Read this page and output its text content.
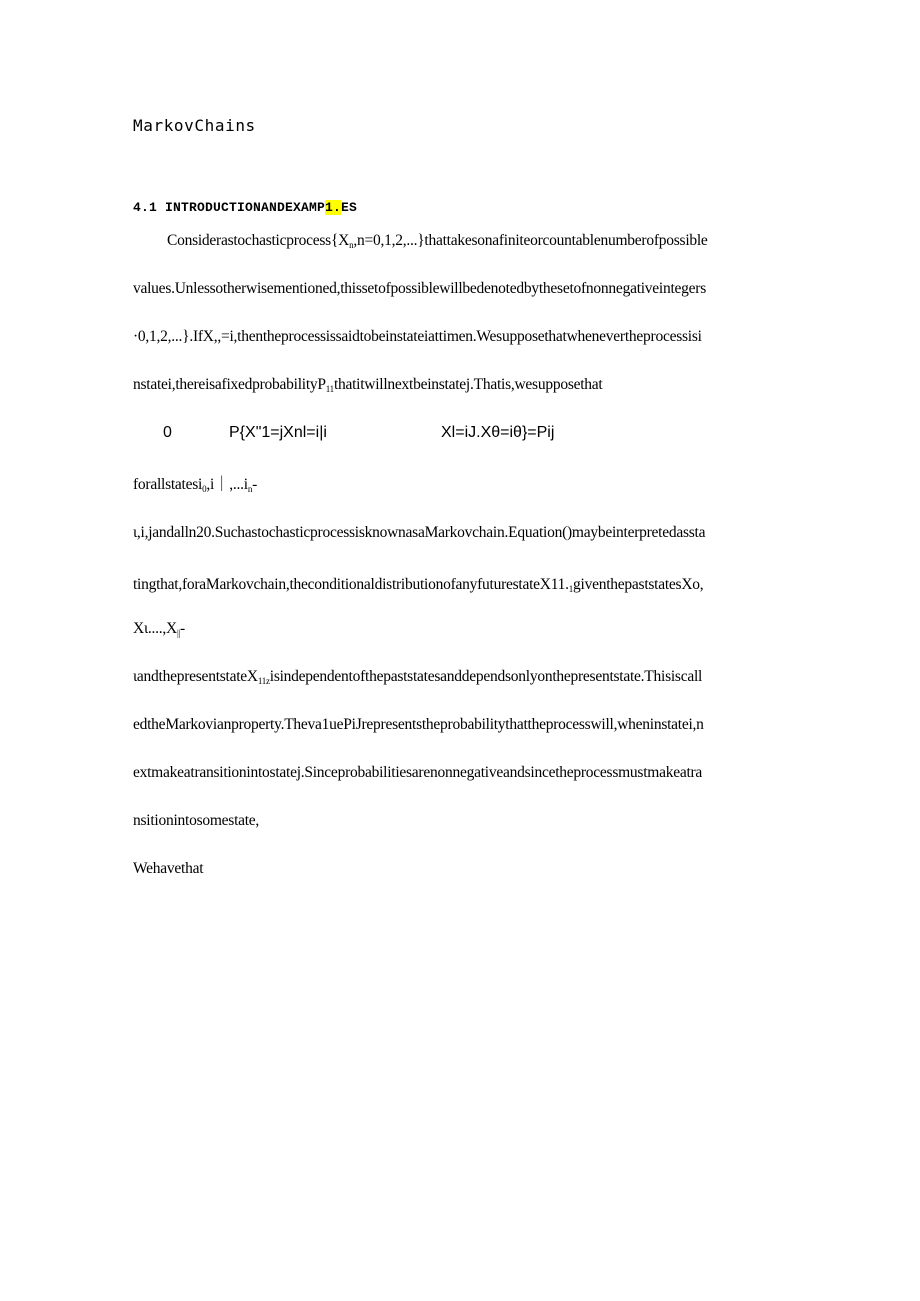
MarkovChains
4.1 INTRODUCTIONANDEXAMP1.ES
$Considerastochasticprocess\{X_n,n=0,1,2,...\}thattakesonafiniteorcountablenumberofpossible$
values.Unlessotherwisementioned,thissetofpossiblewillbedenotedbythesetofnonnegativeintegers
·0,1,2,...}.IfX,,=i,thentheprocessissaidtobeinstateiattimen.Wesupposethatwhenevertheprocessisi
nstatei,thereisafixedprobabilityP$_{11}$thatitwillnextbeinstatej.Thatis,wesupposethat
0	P{X"1=jXnl=i|i	Xl=iJ.Xθ=iθ}=Pij
$forallstatesi_0,i|,...i_n-$
ι,i,jandalln20.SuchastochasticprocessisknownasaMarkovchain.Equation()maybeinterpretedassta
$tingthat,foraMarkovchain,theconditionaldistributionofanyfuturestateX11._1giventhepaststatesXo$,
$X\iota....,X_{||}-$
ιandthepresentstateX$_{11z}$isindependentofthepaststatesanddependsonlyonthepresentstate.Thisiscall
edtheMarkovianproperty.Theva1uePiJrepresentstheprobabilitythattheprocesswill,wheninstatei,n
extmakeatransitionintostatej.Sinceprobabilitiesarenonnegativeandsincetheprocessmustmakeatra
nsitionintosomestate,
Wehavethat
